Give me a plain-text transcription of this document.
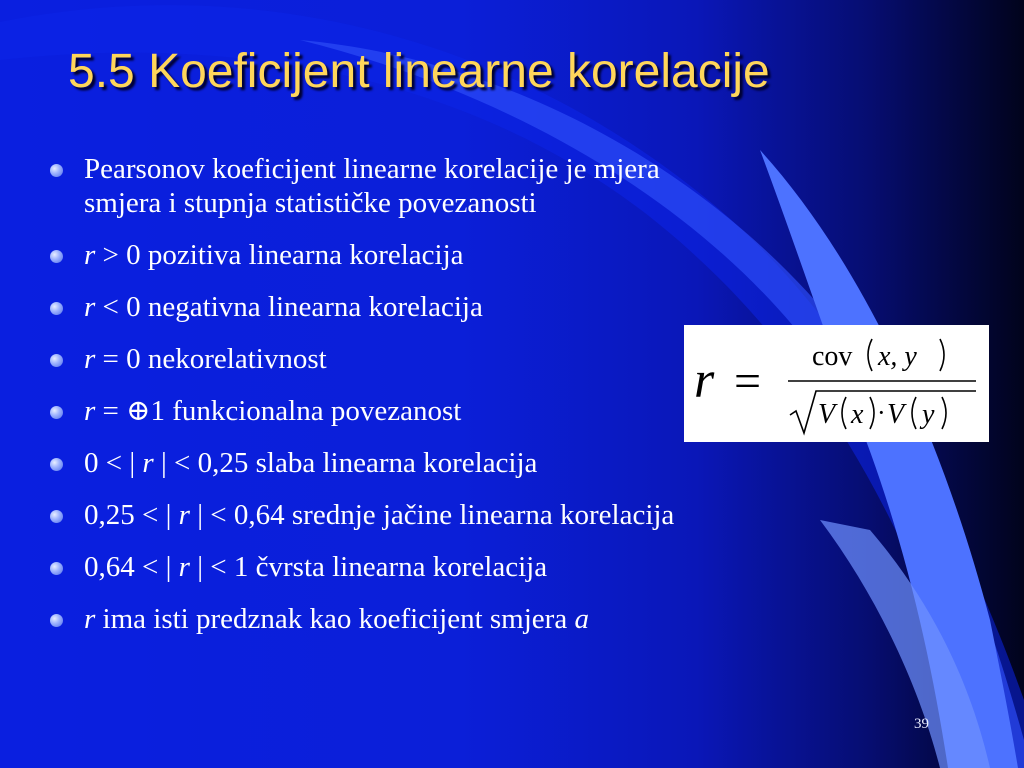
5.5 Koeficijent linearne korelacije
Pearsonov koeficijent linearne korelacije je mjera
smjera i stupnja statističke povezanosti
r > 0 pozitiva linearna korelacija
r < 0 negativna linearna korelacija
r = 0 nekorelativnost
r = ⊕1 funkcionalna povezanost
0 < | r | < 0,25 slaba linearna korelacija
0,25 < | r | < 0,64 srednje jačine linearna korelacija
0,64 < | r | < 1 čvrsta linearna korelacija
r ima isti predznak kao koeficijent smjera a
r = cov x, y
V x · V y
39
